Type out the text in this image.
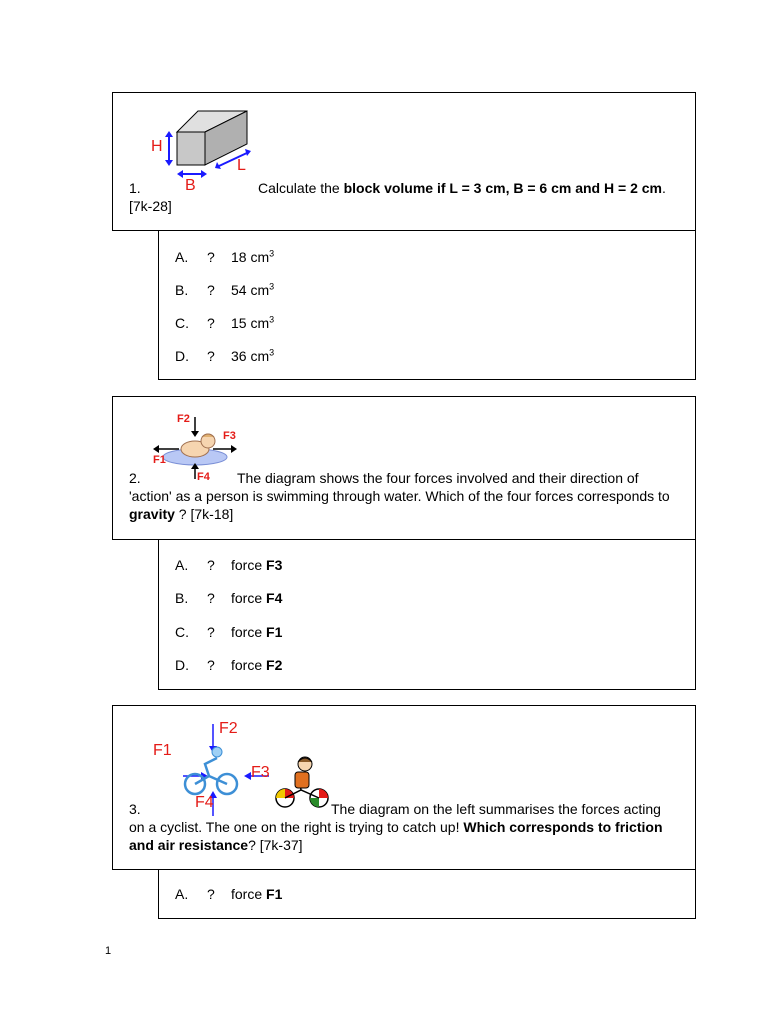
H
B
L
1.	Calculate the block volume if L = 3 cm, B = 6 cm and H = 2 cm. [7k-28]
A. ? 18 $cm^3$
B. ? 54 $cm^3$
C. ? 15 $cm^3$
D. ? 36 $cm^3$
F2
F3
F1
F4
2.	The diagram shows the four forces involved and their direction of 'action' as a person is swimming through water. Which of the four forces corresponds to gravity ? [7k-18]
A. ? force F3
B. ? force F4
C. ? force F1
D. ? force F2
F2
F1
F3
F4
3.	The diagram on the left summarises the forces acting on a cyclist. The one on the right is trying to catch up! Which corresponds to friction and air resistance? [7k-37]
A. ? force F1
1
